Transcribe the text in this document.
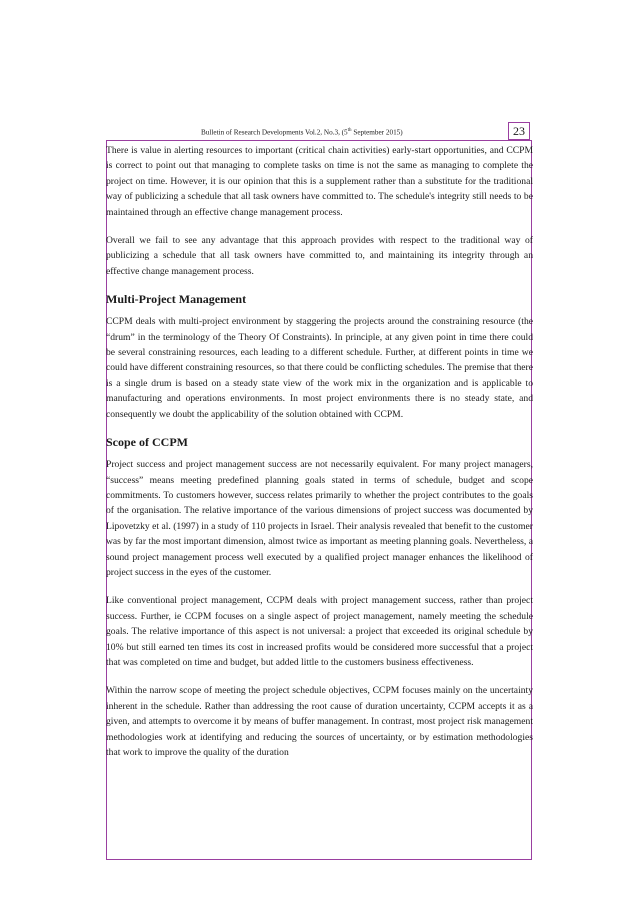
Bulletin of Research Developments Vol.2, No.3, (5th September 2015)	23

There is value in alerting resources to important (critical chain activities) early-start opportunities, and CCPM is correct to point out that managing to complete tasks on time is not the same as managing to complete the project on time. However, it is our opinion that this is a supplement rather than a substitute for the traditional way of publicizing a schedule that all task owners have committed to. The schedule's integrity still needs to be maintained through an effective change management process.

Overall we fail to see any advantage that this approach provides with respect to the traditional way of publicizing a schedule that all task owners have committed to, and maintaining its integrity through an effective change management process.

Multi-Project Management

CCPM deals with multi-project environment by staggering the projects around the constraining resource (the “drum” in the terminology of the Theory Of Constraints). In principle, at any given point in time there could be several constraining resources, each leading to a different schedule. Further, at different points in time we could have different constraining resources, so that there could be conflicting schedules. The premise that there is a single drum is based on a steady state view of the work mix in the organization and is applicable to manufacturing and operations environments. In most project environments there is no steady state, and consequently we doubt the applicability of the solution obtained with CCPM.

Scope of CCPM

Project success and project management success are not necessarily equivalent. For many project managers, “success” means meeting predefined planning goals stated in terms of schedule, budget and scope commitments. To customers however, success relates primarily to whether the project contributes to the goals of the organisation. The relative importance of the various dimensions of project success was documented by Lipovetzky et al. (1997) in a study of 110 projects in Israel. Their analysis revealed that benefit to the customer was by far the most important dimension, almost twice as important as meeting planning goals. Nevertheless, a sound project management process well executed by a qualified project manager enhances the likelihood of project success in the eyes of the customer.

Like conventional project management, CCPM deals with project management success, rather than project success. Further, ie CCPM focuses on a single aspect of project management, namely meeting the schedule goals. The relative importance of this aspect is not universal: a project that exceeded its original schedule by 10% but still earned ten times its cost in increased profits would be considered more successful that a project that was completed on time and budget, but added little to the customers business effectiveness.

Within the narrow scope of meeting the project schedule objectives, CCPM focuses mainly on the uncertainty inherent in the schedule. Rather than addressing the root cause of duration uncertainty, CCPM accepts it as a given, and attempts to overcome it by means of buffer management. In contrast, most project risk management methodologies work at identifying and reducing the sources of uncertainty, or by estimation methodologies that work to improve the quality of the duration
